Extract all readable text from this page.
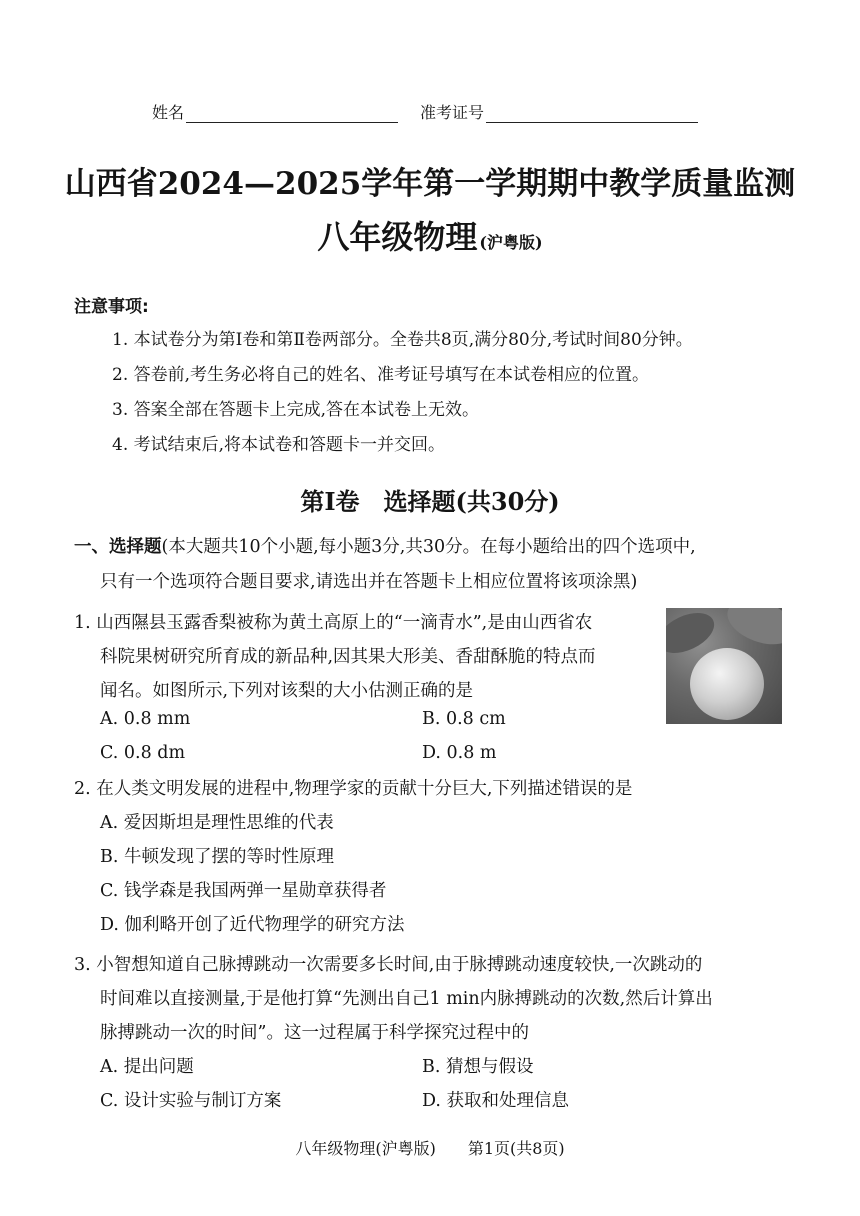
姓名	准考证号
山西省2024—2025学年第一学期期中教学质量监测
八年级物理 (沪粤版)
注意事项:
1. 本试卷分为第Ⅰ卷和第Ⅱ卷两部分。全卷共8页,满分80分,考试时间80分钟。
2. 答卷前,考生务必将自己的姓名、准考证号填写在本试卷相应的位置。
3. 答案全部在答题卡上完成,答在本试卷上无效。
4. 考试结束后,将本试卷和答题卡一并交回。
第Ⅰ卷　选择题(共30分)
一、选择题(本大题共10个小题,每小题3分,共30分。在每小题给出的四个选项中,
只有一个选项符合题目要求,请选出并在答题卡上相应位置将该项涂黑)
1. 山西隰县玉露香梨被称为黄土高原上的“一滴青水”,是由山西省农
科院果树研究所育成的新品种,因其果大形美、香甜酥脆的特点而
闻名。如图所示,下列对该梨的大小估测正确的是
A. 0.8 mm	B. 0.8 cm
C. 0.8 dm	D. 0.8 m
2. 在人类文明发展的进程中,物理学家的贡献十分巨大,下列描述错误的是
A. 爱因斯坦是理性思维的代表
B. 牛顿发现了摆的等时性原理
C. 钱学森是我国两弹一星勋章获得者
D. 伽利略开创了近代物理学的研究方法
3. 小智想知道自己脉搏跳动一次需要多长时间,由于脉搏跳动速度较快,一次跳动的
时间难以直接测量,于是他打算“先测出自己1 min内脉搏跳动的次数,然后计算出
脉搏跳动一次的时间”。这一过程属于科学探究过程中的
A. 提出问题	B. 猜想与假设
C. 设计实验与制订方案	D. 获取和处理信息
八年级物理(沪粤版)　　第1页(共8页)
